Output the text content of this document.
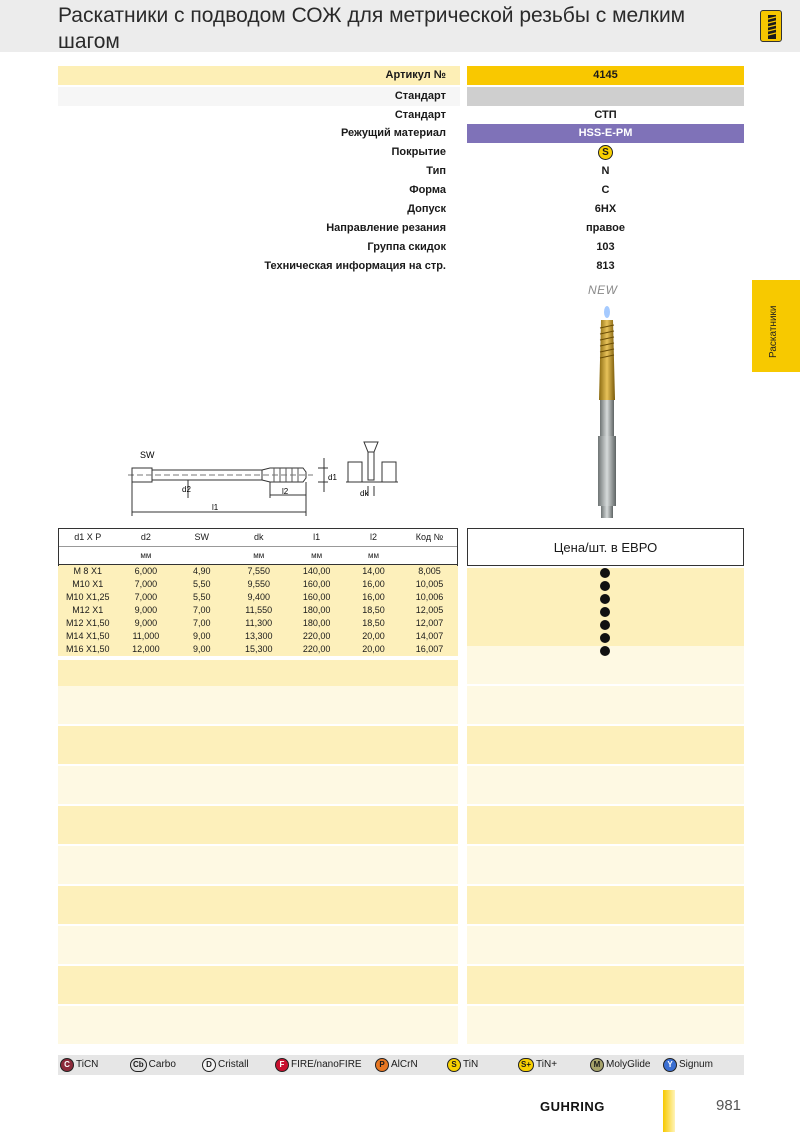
Раскатники с подводом СОЖ для метрической резьбы с мелким шагом
Артикул №	4145
Стандарт
Стандарт	СТП
Режущий материал	HSS-E-PM
Покрытие	S
Тип	N
Форма	C
Допуск	6HX
Направление резания	правое
Группа скидок	103
Техническая информация на стр.	813
NEW
Раскатники
SW
d2	l2
l1
d1
dk
d1 X P	d2	SW	dk	l1	l2	Код №
	мм		мм	мм	мм	
M 8 X1	6,000	4,90	7,550	140,00	14,00	8,005
M10 X1	7,000	5,50	9,550	160,00	16,00	10,005
M10 X1,25	7,000	5,50	9,400	160,00	16,00	10,006
M12 X1	9,000	7,00	11,550	180,00	18,50	12,005
M12 X1,50	9,000	7,00	11,300	180,00	18,50	12,007
M14 X1,50	11,000	9,00	13,300	220,00	20,00	14,007
M16 X1,50	12,000	9,00	15,300	220,00	20,00	16,007
Цена/шт. в ЕВРО
C TiCN	Cb Carbo	D Cristall	F FIRE/nanoFIRE	P AlCrN	S TiN	S+ TiN+	M MolyGlide	Y Signum
GUHRING	981
